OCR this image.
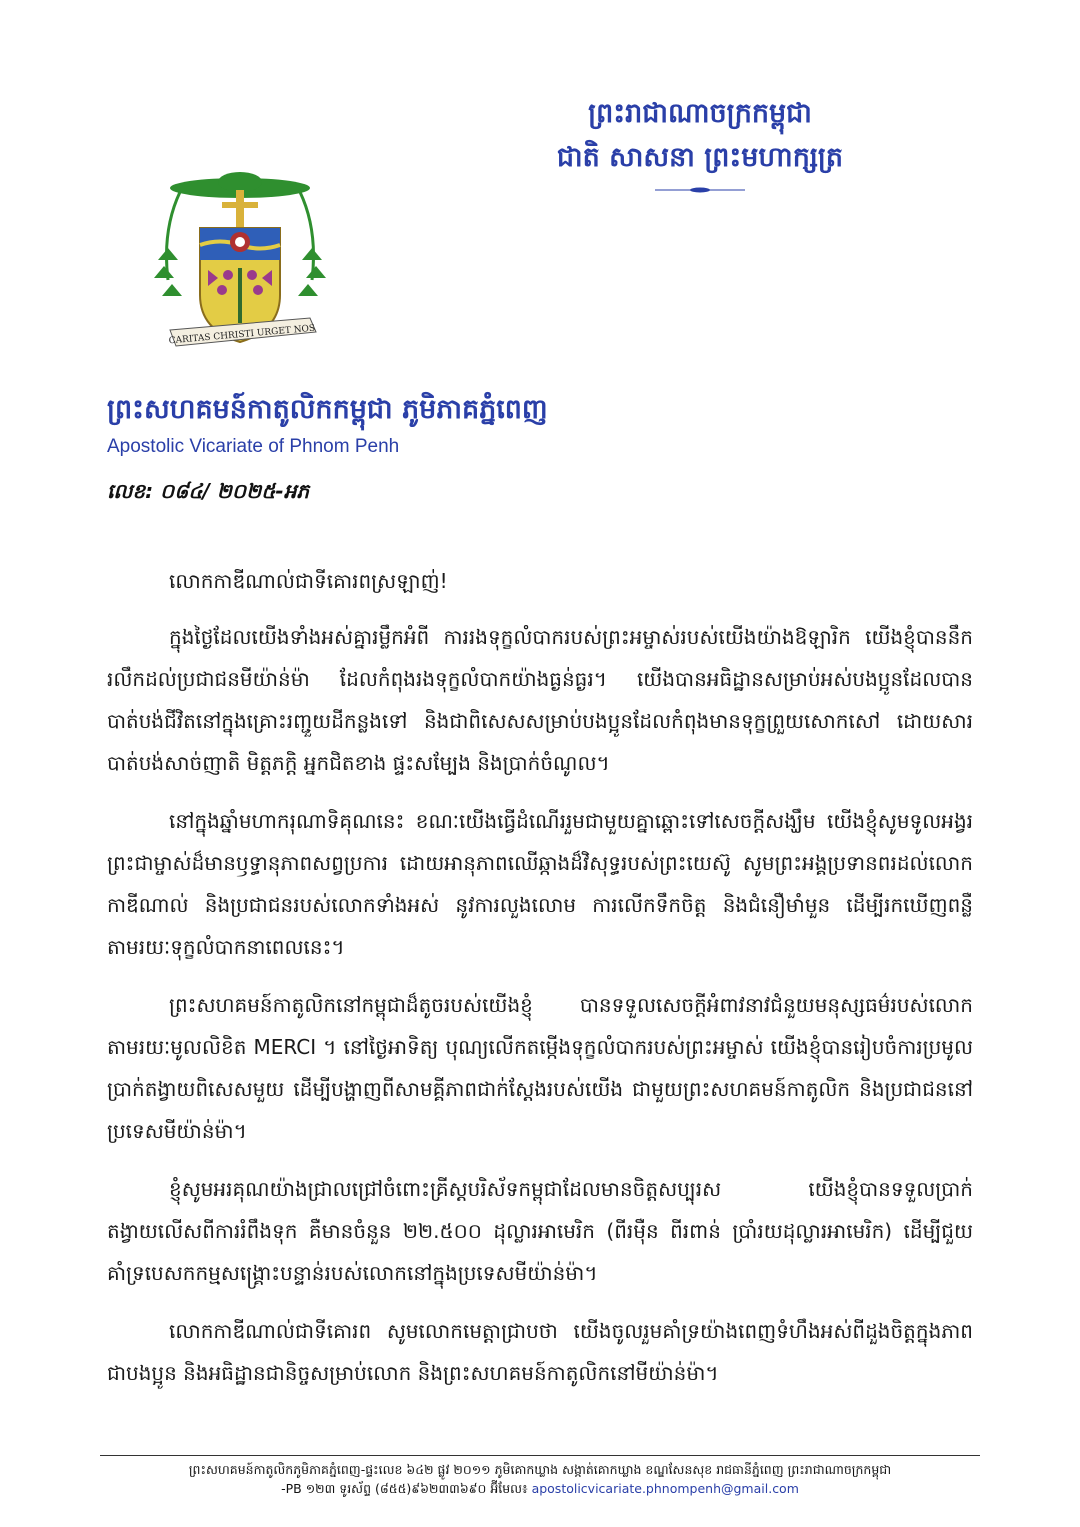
ព្រះរាជាណាចក្រកម្ពុជា
ជាតិ សាសនា ព្រះមហាក្សត្រ
CARITAS CHRISTI URGET NOS
ព្រះសហគមន៍កាតូលិកកម្ពុជា ភូមិភាគភ្នំពេញ
Apostolic Vicariate of Phnom Penh
លេខ: ០៨៤/ ២០២៥-អភ

លោកកាឌីណាល់ជាទីគោរពស្រឡាញ់!

ក្នុងថ្ងៃដែលយើងទាំងអស់គ្នារម្លឹកអំពី ការរងទុក្ខលំបាករបស់ព្រះអម្ចាស់របស់យើងយ៉ាងឱឡារិក យើងខ្ញុំបាននឹករលឹកដល់ប្រជាជនមីយ៉ាន់ម៉ា ដែលកំពុងរងទុក្ខលំបាកយ៉ាងធ្ងន់ធ្ងរ។ យើងបានអធិដ្ឋានសម្រាប់អស់បងប្អូនដែលបានបាត់បង់ជីវិតនៅក្នុងគ្រោះរញ្ជួយដីកន្លងទៅ និងជាពិសេសសម្រាប់បងប្អូនដែលកំពុងមានទុក្ខព្រួយសោកសៅ ដោយសារបាត់បង់សាច់ញាតិ មិត្តភក្តិ អ្នកជិតខាង ផ្ទះសម្បែង និងប្រាក់ចំណូល។

នៅក្នុងឆ្នាំមហាករុណាទិគុណនេះ ខណៈយើងធ្វើដំណើររួមជាមួយគ្នាឆ្ពោះទៅសេចក្តីសង្ឃឹម យើងខ្ញុំសូមទូលអង្វរព្រះជាម្ចាស់ដ៏មានឫទ្ធានុភាពសព្វប្រការ ដោយអានុភាពឈើឆ្កាងដ៏វិសុទ្ធរបស់ព្រះយេស៊ូ សូមព្រះអង្គប្រទានពរដល់លោកកាឌីណាល់ និងប្រជាជនរបស់លោកទាំងអស់ នូវការលួងលោម ការលើកទឹកចិត្ត និងជំនឿមាំមួន ដើម្បីរកឃើញពន្លឺតាមរយៈទុក្ខលំបាកនាពេលនេះ។

ព្រះសហគមន៍កាតូលិកនៅកម្ពុជាដ៏តូចរបស់យើងខ្ញុំ បានទទួលសេចក្តីអំពាវនាវជំនួយមនុស្សធម៌របស់លោក តាមរយៈមូលលិខិត MERCI ។ នៅថ្ងៃអាទិត្យ បុណ្យលើកតម្កើងទុក្ខលំបាករបស់ព្រះអម្ចាស់ យើងខ្ញុំបានរៀបចំការប្រមូលប្រាក់តង្វាយពិសេសមួយ ដើម្បីបង្ហាញពីសាមគ្គីភាពជាក់ស្តែងរបស់យើង ជាមួយព្រះសហគមន៍កាតូលិក និងប្រជាជននៅប្រទេសមីយ៉ាន់ម៉ា។

ខ្ញុំសូមអរគុណយ៉ាងជ្រាលជ្រៅចំពោះគ្រីស្តបរិស័ទកម្ពុជាដែលមានចិត្តសប្បុរស យើងខ្ញុំបានទទួលប្រាក់តង្វាយលើសពីការរំពឹងទុក គឺមានចំនួន ២២.៥០០ ដុល្លារអាមេរិក (ពីរម៉ឺន ពីរពាន់ ប្រាំរយដុល្លារអាមេរិក) ដើម្បីជួយគាំទ្របេសកកម្មសង្គ្រោះបន្ទាន់របស់លោកនៅក្នុងប្រទេសមីយ៉ាន់ម៉ា។

លោកកាឌីណាល់ជាទីគោរព សូមលោកមេត្តាជ្រាបថា យើងចូលរួមគាំទ្រយ៉ាងពេញទំហឹងអស់ពីដួងចិត្តក្នុងភាពជាបងប្អូន និងអធិដ្ឋានជានិច្ចសម្រាប់លោក និងព្រះសហគមន៍កាតូលិកនៅមីយ៉ាន់ម៉ា។

ព្រះសហគមន៍កាតូលិកភូមិភាគភ្នំពេញ-ផ្ទះលេខ ៦៤២ ផ្លូវ ២០១១ ភូមិគោកឃ្លាង សង្កាត់គោកឃ្លាង ខណ្ឌសែនសុខ រាជធានីភ្នំពេញ ព្រះរាជាណាចក្រកម្ពុជា
-PB ១២៣ ទូរស័ព្ទ (៨៥៥)៩៦២៣៣៦៩០ អ៊ីមែល៖ apostolicvicariate.phnompenh@gmail.com
